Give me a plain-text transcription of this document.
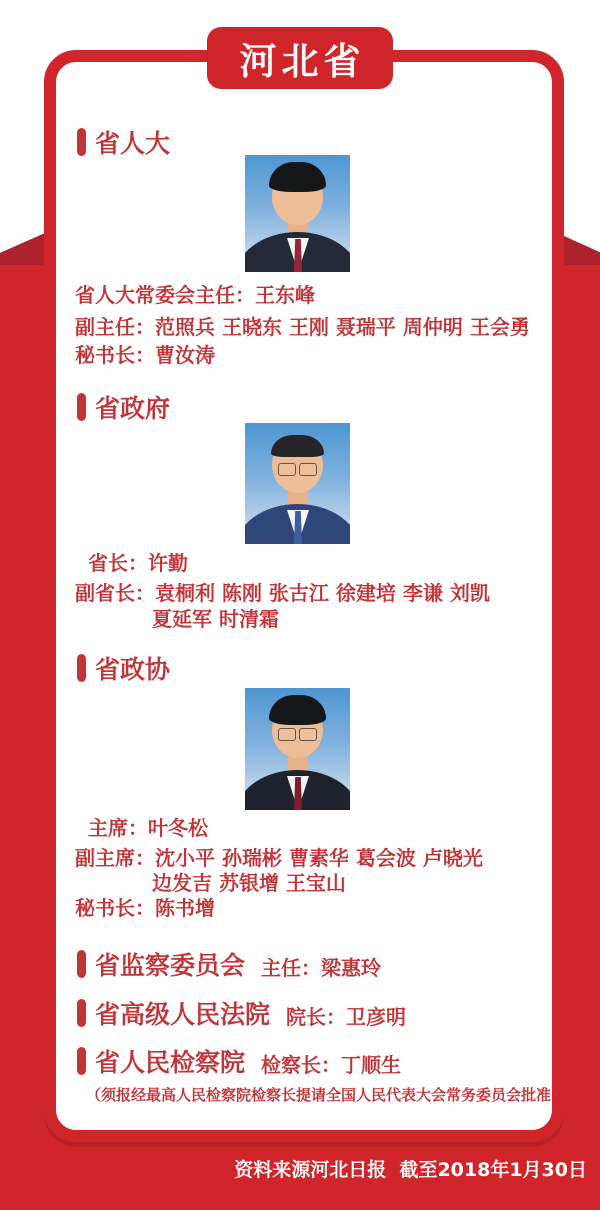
河北省
省人大
省人大常委会主任：王东峰
副主任：范照兵 王晓东 王刚 聂瑞平 周仲明 王会勇
秘书长：曹汝涛
省政府
省长：许勤
副省长：袁桐利 陈刚 张古江 徐建培 李谦 刘凯
夏延军 时清霜
省政协
主席：叶冬松
副主席：沈小平 孙瑞彬 曹素华 葛会波 卢晓光
边发吉 苏银增 王宝山
秘书长：陈书增
省监察委员会 主任：梁惠玲
省高级人民法院 院长：卫彦明
省人民检察院 检察长：丁顺生
（须报经最高人民检察院检察长提请全国人民代表大会常务委员会批准）
资料来源河北日报  截至2018年1月30日
